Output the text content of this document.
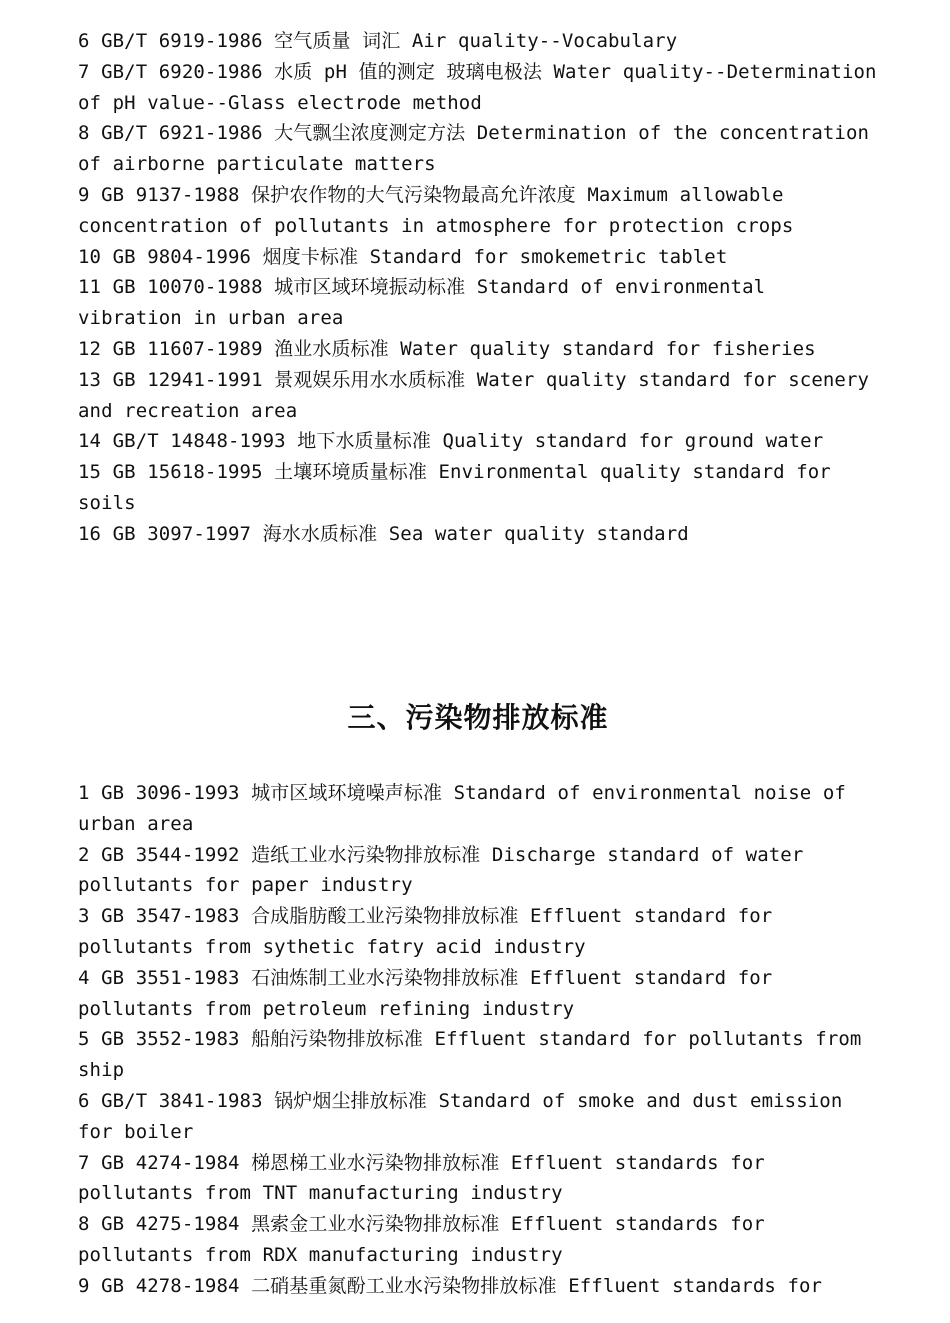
6 GB/T 6919-1986 空气质量 词汇 Air quality--Vocabulary

7 GB/T 6920-1986 水质 pH 值的测定 玻璃电极法 Water quality--Determination of pH value--Glass electrode method

8 GB/T 6921-1986 大气飘尘浓度测定方法 Determination of the concentration of airborne particulate matters

9 GB 9137-1988 保护农作物的大气污染物最高允许浓度 Maximum allowable concentration of pollutants in atmosphere for protection crops

10 GB 9804-1996 烟度卡标准 Standard for smokemetric tablet

11 GB 10070-1988 城市区域环境振动标准 Standard of environmental vibration in urban area

12 GB 11607-1989 渔业水质标准 Water quality standard for fisheries

13 GB 12941-1991 景观娱乐用水水质标准 Water quality standard for scenery and recreation area

14 GB/T 14848-1993 地下水质量标准 Quality standard for ground water

15 GB 15618-1995 土壤环境质量标准 Environmental quality standard for soils

16 GB 3097-1997 海水水质标准 Sea water quality standard

三、污染物排放标准

1 GB 3096-1993 城市区域环境噪声标准 Standard of environmental noise of urban area

2 GB 3544-1992 造纸工业水污染物排放标准 Discharge standard of water pollutants for paper industry

3 GB 3547-1983 合成脂肪酸工业污染物排放标准 Effluent standard for pollutants from sythetic fatry acid industry

4 GB 3551-1983 石油炼制工业水污染物排放标准 Effluent standard for pollutants from petroleum refining industry

5 GB 3552-1983 船舶污染物排放标准 Effluent standard for pollutants from ship

6 GB/T 3841-1983 锅炉烟尘排放标准 Standard of smoke and dust emission for boiler

7 GB 4274-1984 梯恩梯工业水污染物排放标准 Effluent standards for pollutants from TNT manufacturing industry

8 GB 4275-1984 黑索金工业水污染物排放标准 Effluent standards for pollutants from RDX manufacturing industry

9 GB 4278-1984 二硝基重氮酚工业水污染物排放标准 Effluent standards for
